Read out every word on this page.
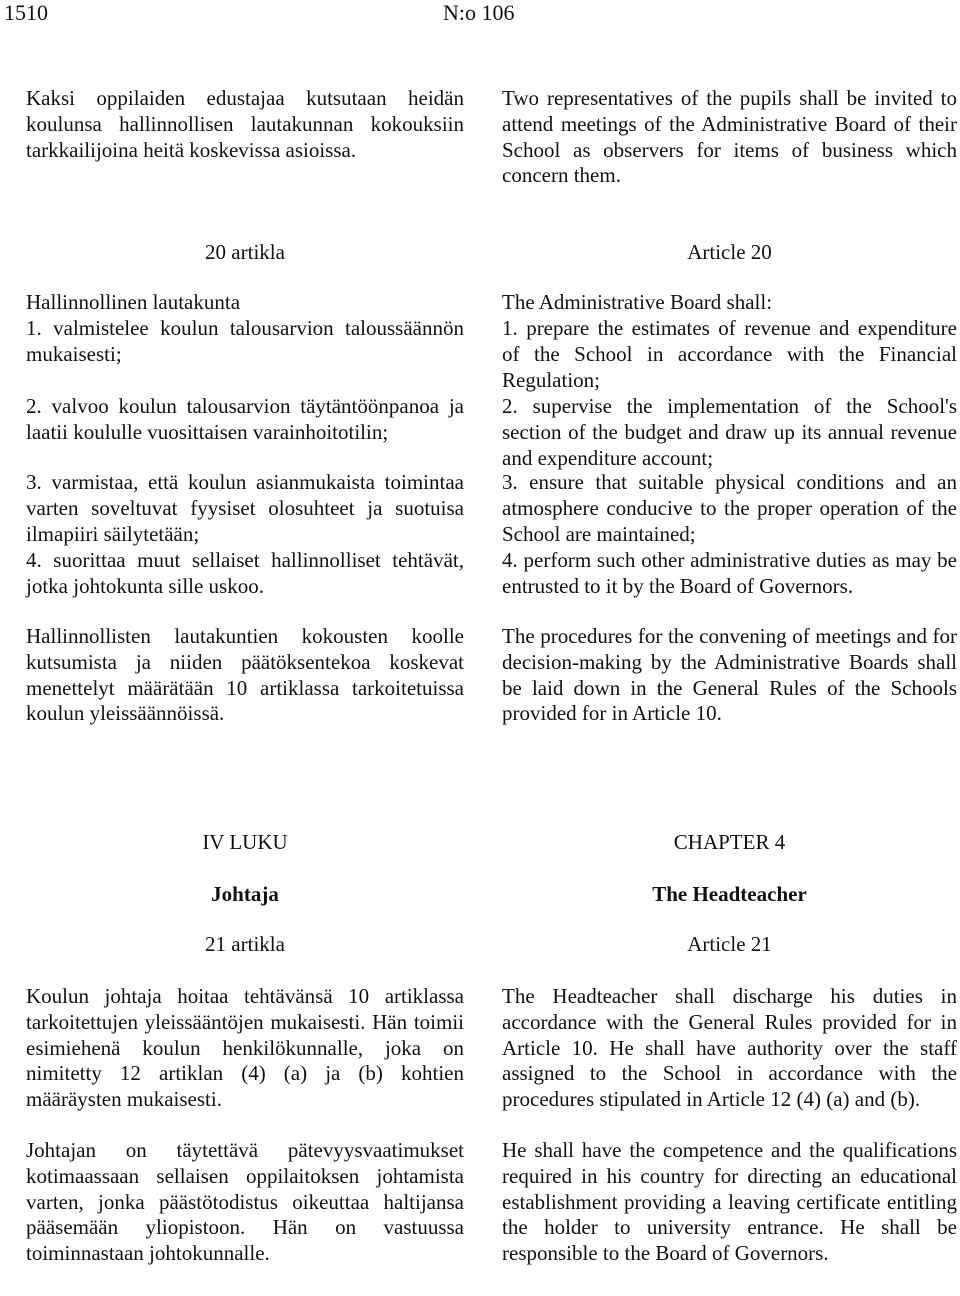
1510	N:o 106

Kaksi oppilaiden edustajaa kutsutaan heidän koulunsa hallinnollisen lautakunnan kokouksiin tarkkailijoina heitä koskevissa asioissa.

20 artikla

Hallinnollinen lautakunta

1. valmistelee koulun talousarvion taloussäännön mukaisesti;

2. valvoo koulun talousarvion täytäntöönpanoa ja laatii koululle vuosittaisen varainhoitotilin;

3. varmistaa, että koulun asianmukaista toimintaa varten soveltuvat fyysiset olosuhteet ja suotuisa ilmapiiri säilytetään;

4. suorittaa muut sellaiset hallinnolliset tehtävät, jotka johtokunta sille uskoo.

Hallinnollisten lautakuntien kokousten koolle kutsumista ja niiden päätöksentekoa koskevat menettelyt määrätään 10 artiklassa tarkoitetuissa koulun yleissäännöissä.

IV LUKU

Johtaja

21 artikla

Koulun johtaja hoitaa tehtävänsä 10 artiklassa tarkoitettujen yleissääntöjen mukaisesti. Hän toimii esimiehenä koulun henkilökunnalle, joka on nimitetty 12 artiklan (4) (a) ja (b) kohtien määräysten mukaisesti.

Johtajan on täytettävä pätevyysvaatimukset kotimaassaan sellaisen oppilaitoksen johtamista varten, jonka päästötodistus oikeuttaa haltijansa pääsemään yliopistoon. Hän on vastuussa toiminnastaan johtokunnalle.

Two representatives of the pupils shall be invited to attend meetings of the Administrative Board of their School as observers for items of business which concern them.

Article 20

The Administrative Board shall:

1. prepare the estimates of revenue and expenditure of the School in accordance with the Financial Regulation;

2. supervise the implementation of the School's section of the budget and draw up its annual revenue and expenditure account;

3. ensure that suitable physical conditions and an atmosphere conducive to the proper operation of the School are maintained;

4. perform such other administrative duties as may be entrusted to it by the Board of Governors.

The procedures for the convening of meetings and for decision-making by the Administrative Boards shall be laid down in the General Rules of the Schools provided for in Article 10.

CHAPTER 4

The Headteacher

Article 21

The Headteacher shall discharge his duties in accordance with the General Rules provided for in Article 10. He shall have authority over the staff assigned to the School in accordance with the procedures stipulated in Article 12 (4) (a) and (b).

He shall have the competence and the qualifications required in his country for directing an educational establishment providing a leaving certificate entitling the holder to university entrance. He shall be responsible to the Board of Governors.
